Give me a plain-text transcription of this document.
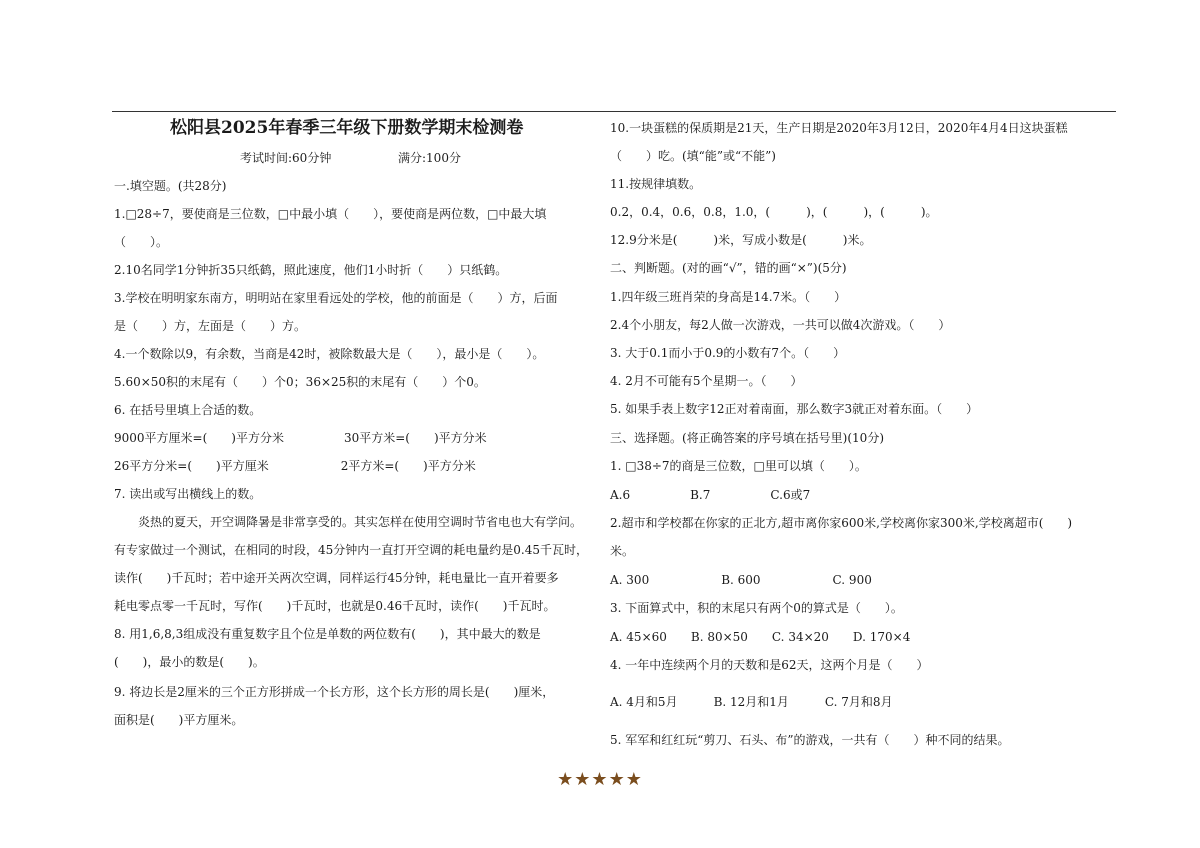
松阳县2025年春季三年级下册数学期末检测卷
考试时间:60分钟	满分:100分
一.填空题。(共28分)
1.□28÷7，要使商是三位数，□中最小填（　　），要使商是两位数，□中最大填
（　　）。
2.10名同学1分钟折35只纸鹤，照此速度，他们1小时折（　　）只纸鹤。
3.学校在明明家东南方，明明站在家里看远处的学校，他的前面是（　　）方，后面
是（　　）方，左面是（　　）方。
4.一个数除以9，有余数，当商是42时，被除数最大是（　　），最小是（　　）。
5.60×50积的末尾有（　　）个0；36×25积的末尾有（　　）个0。
6. 在括号里填上合适的数。
9000平方厘米=(　　)平方分米　　　　　30平方米=(　　)平方分米
26平方分米=(　　)平方厘米　　　　　　2平方米=(　　)平方分米
7. 读出或写出横线上的数。
　　炎热的夏天，开空调降暑是非常享受的。其实怎样在使用空调时节省电也大有学问。
有专家做过一个测试，在相同的时段，45分钟内一直打开空调的耗电量约是0.45千瓦时，
读作(　　)千瓦时；若中途开关两次空调，同样运行45分钟，耗电量比一直开着要多
耗电零点零一千瓦时，写作(　　)千瓦时，也就是0.46千瓦时，读作(　　)千瓦时。
8. 用1,6,8,3组成没有重复数字且个位是单数的两位数有(　　)，其中最大的数是
(　　)，最小的数是(　　)。
9. 将边长是2厘米的三个正方形拼成一个长方形，这个长方形的周长是(　　)厘米，
面积是(　　)平方厘米。
10.一块蛋糕的保质期是21天，生产日期是2020年3月12日，2020年4月4日这块蛋糕
（　　）吃。(填“能”或“不能”)
11.按规律填数。
0.2，0.4，0.6，0.8，1.0，(　　　)，(　　　)，(　　　)。
12.9分米是(　　　)米，写成小数是(　　　)米。
二、判断题。(对的画“√”，错的画“×”)(5分)
1.四年级三班肖荣的身高是14.7米。（　　）
2.4个小朋友，每2人做一次游戏，一共可以做4次游戏。（　　）
3. 大于0.1而小于0.9的小数有7个。（　　）
4. 2月不可能有5个星期一。（　　）
5. 如果手表上数字12正对着南面，那么数字3就正对着东面。（　　）
三、选择题。(将正确答案的序号填在括号里)(10分)
1. □38÷7的商是三位数，□里可以填（　　）。
A.6　　　　　B.7　　　　　C.6或7
2.超市和学校都在你家的正北方,超市离你家600米,学校离你家300米,学校离超市(　　)
米。
A. 300　　　　　　B. 600　　　　　　C. 900
3. 下面算式中，积的末尾只有两个0的算式是（　　）。
A. 45×60　　B. 80×50　　C. 34×20　　D. 170×4
4. 一年中连续两个月的天数和是62天，这两个月是（　　）
A. 4月和5月　　　B. 12月和1月　　　C. 7月和8月
5. 军军和红红玩“剪刀、石头、布”的游戏，一共有（　　）种不同的结果。
★★★★★
